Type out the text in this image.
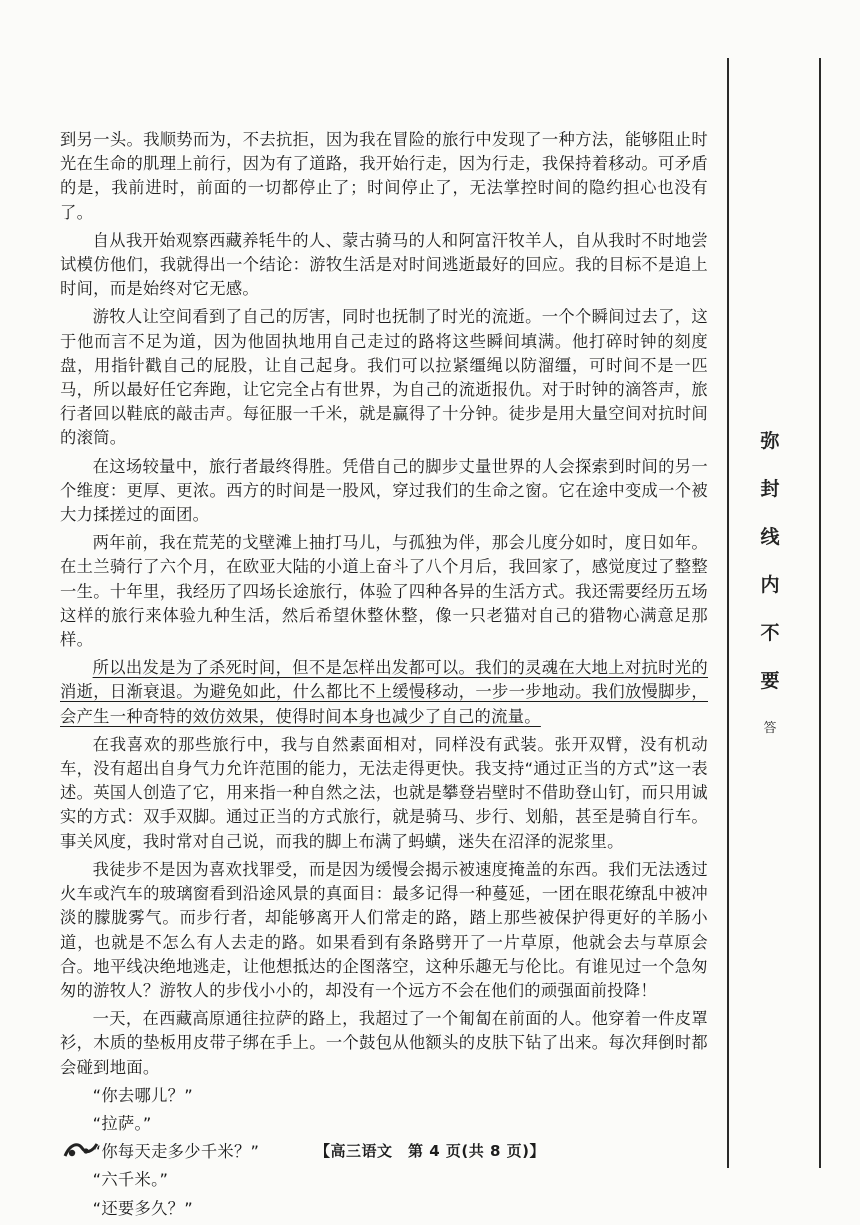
到另一头。我顺势而为，不去抗拒，因为我在冒险的旅行中发现了一种方法，能够阻止时光在生命的肌理上前行，因为有了道路，我开始行走，因为行走，我保持着移动。可矛盾的是，我前进时，前面的一切都停止了；时间停止了，无法掌控时间的隐约担心也没有了。

自从我开始观察西藏养牦牛的人、蒙古骑马的人和阿富汗牧羊人，自从我时不时地尝试模仿他们，我就得出一个结论：游牧生活是对时间逃逝最好的回应。我的目标不是追上时间，而是始终对它无感。

游牧人让空间看到了自己的厉害，同时也抚制了时光的流逝。一个个瞬间过去了，这于他而言不足为道，因为他固执地用自己走过的路将这些瞬间填满。他打碎时钟的刻度盘，用指针戳自己的屁股，让自己起身。我们可以拉紧缰绳以防溜缰，可时间不是一匹马，所以最好任它奔跑，让它完全占有世界，为自己的流逝报仇。对于时钟的滴答声，旅行者回以鞋底的敲击声。每征服一千米，就是赢得了十分钟。徒步是用大量空间对抗时间的滚筒。

在这场较量中，旅行者最终得胜。凭借自己的脚步丈量世界的人会探索到时间的另一个维度：更厚、更浓。西方的时间是一股风，穿过我们的生命之窗。它在途中变成一个被大力揉搓过的面团。

两年前，我在荒芜的戈壁滩上抽打马儿，与孤独为伴，那会儿度分如时，度日如年。在土兰骑行了六个月，在欧亚大陆的小道上奋斗了八个月后，我回家了，感觉度过了整整一生。十年里，我经历了四场长途旅行，体验了四种各异的生活方式。我还需要经历五场这样的旅行来体验九种生活，然后希望休整休整，像一只老猫对自己的猎物心满意足那样。

所以出发是为了杀死时间，但不是怎样出发都可以。我们的灵魂在大地上对抗时光的消逝，日渐衰退。为避免如此，什么都比不上缓慢移动，一步一步地动。我们放慢脚步，会产生一种奇特的效仿效果，使得时间本身也减少了自己的流量。

在我喜欢的那些旅行中，我与自然素面相对，同样没有武装。张开双臂，没有机动车，没有超出自身气力允许范围的能力，无法走得更快。我支持“通过正当的方式”这一表述。英国人创造了它，用来指一种自然之法，也就是攀登岩壁时不借助登山钉，而只用诚实的方式：双手双脚。通过正当的方式旅行，就是骑马、步行、划船，甚至是骑自行车。事关风度，我时常对自己说，而我的脚上布满了蚂蟥，迷失在沼泽的泥浆里。

我徒步不是因为喜欢找罪受，而是因为缓慢会揭示被速度掩盖的东西。我们无法透过火车或汽车的玻璃窗看到沿途风景的真面目：最多记得一种蔓延，一团在眼花缭乱中被冲淡的朦胧雾气。而步行者，却能够离开人们常走的路，踏上那些被保护得更好的羊肠小道，也就是不怎么有人去走的路。如果看到有条路劈开了一片草原，他就会去与草原会合。地平线决绝地逃走，让他想抵达的企图落空，这种乐趣无与伦比。有谁见过一个急匆匆的游牧人？游牧人的步伐小小的，却没有一个远方不会在他们的顽强面前投降！

一天，在西藏高原通往拉萨的路上，我超过了一个匍匐在前面的人。他穿着一件皮罩衫，木质的垫板用皮带子绑在手上。一个鼓包从他额头的皮肤下钻了出来。每次拜倒时都会碰到地面。

“你去哪儿？”

“拉萨。”

“你每天走多少千米？”

“六千米。”

“还要多久？”

弥
封
线
内
不
要
答
【高三语文　第 4 页(共 8 页)】
